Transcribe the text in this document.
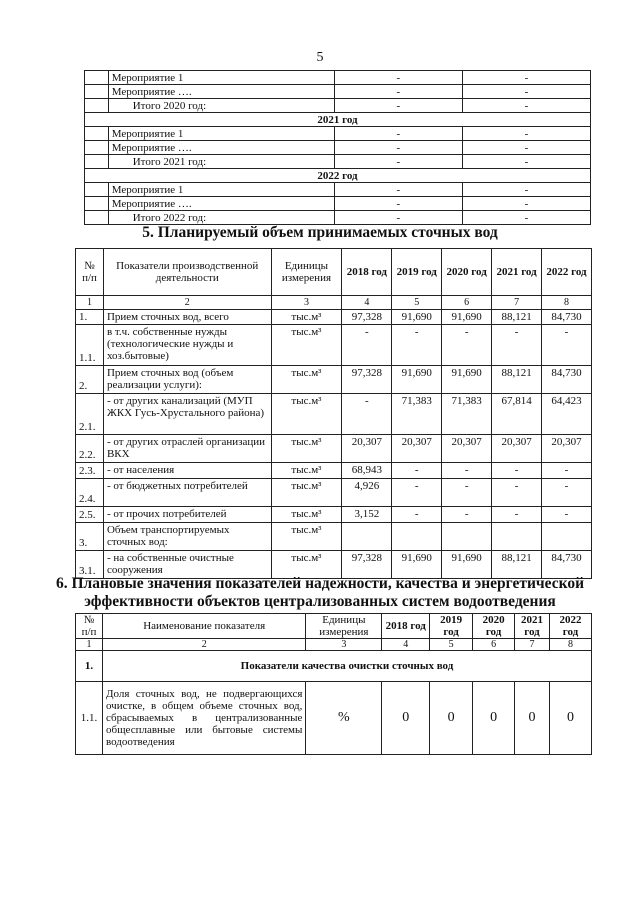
5
	Мероприятие 1	-	-
	Мероприятие ….	-	-
	Итого 2020 год:	-	-
2021 год			
	Мероприятие 1	-	-
	Мероприятие ….	-	-
	Итого 2021 год:	-	-
2022 год			
	Мероприятие 1	-	-
	Мероприятие ….	-	-
	Итого 2022 год:	-	-
5. Планируемый объем принимаемых сточных вод
№ п/п	Показатели производственной деятельности	Единицы измерения	2018 год	2019 год	2020 год	2021 год	2022 год
1	2	3	4	5	6	7	8
1.	Прием сточных вод, всего	тыс.м³	97,328	91,690	91,690	88,121	84,730
1.1.	в т.ч. собственные нужды (технологические нужды и хоз.бытовые)	тыс.м³	-	-	-	-	-
2.	Прием сточных вод (объем реализации услуги):	тыс.м³	97,328	91,690	91,690	88,121	84,730
2.1.	- от других канализаций (МУП ЖКХ Гусь-Хрустального района)	тыс.м³	-	71,383	71,383	67,814	64,423
2.2.	- от других отраслей организации ВКХ	тыс.м³	20,307	20,307	20,307	20,307	20,307
2.3.	- от населения	тыс.м³	68,943	-	-	-	-
2.4.	- от бюджетных потребителей	тыс.м³	4,926	-	-	-	-
2.5.	- от прочих потребителей	тыс.м³	3,152	-	-	-	-
3.	Объем транспортируемых сточных вод:	тыс.м³					
3.1.	- на собственные очистные сооружения	тыс.м³	97,328	91,690	91,690	88,121	84,730
6. Плановые значения показателей надежности, качества и энергетической
эффективности объектов централизованных систем водоотведения
№ п/п	Наименование показателя	Единицы измерения	2018 год	2019 год	2020 год	2021 год	2022 год
1	2	3	4	5	6	7	8
1.	Показатели качества очистки сточных вод						
1.1.	Доля сточных вод, не подвергающихся очистке, в общем объеме сточных вод, сбрасываемых в централизованные общесплавные или бытовые системы водоотведения	%	0	0	0	0	0
